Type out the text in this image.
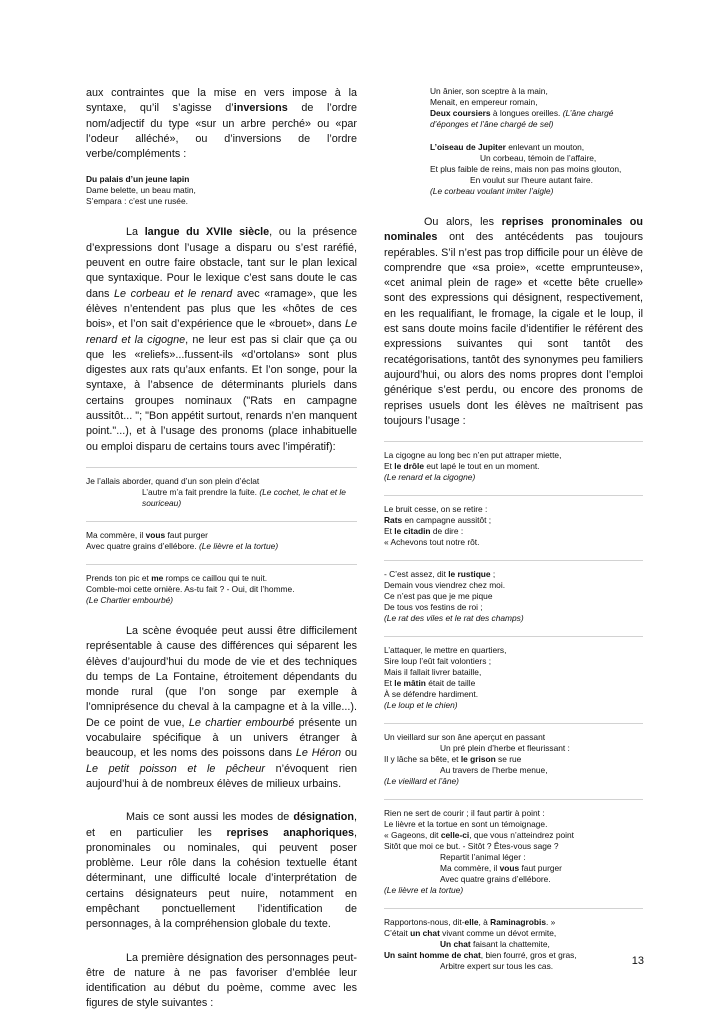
aux contraintes que la mise en vers impose à la syntaxe, qu’il s’agisse d’inversions de l’ordre nom/adjectif du type «sur un arbre perché» ou «par l’odeur alléché», ou d’inversions de l’ordre verbe/compléments :

Du palais d’un jeune lapin
Dame belette, un beau matin,
S’empara : c’est une rusée.

La langue du XVIIe siècle, ou la présence d’expressions dont l’usage a disparu ou s’est raréfié, peuvent en outre faire obstacle, tant sur le plan lexical que syntaxique. Pour le lexique c’est sans doute le cas dans Le corbeau et le renard avec «ramage», que les élèves n’entendent pas plus que les «hôtes de ces bois», et l’on sait d’expérience que le «brouet», dans Le renard et la cigogne, ne leur est pas si clair que ça ou que les «reliefs»...fussent-ils «d’ortolans» sont plus digestes aux rats qu’aux enfants. Et l’on songe, pour la syntaxe, à l’absence de déterminants pluriels dans certains groupes nominaux ("Rats en campagne aussitôt... "; "Bon appétit surtout, renards n’en manquent point."...), et à l’usage des pronoms (place inhabituelle ou emploi disparu de certains tours avec l’impératif):

Je l’allais aborder, quand d’un son plein d’éclat
L’autre m’a fait prendre la fuite. (Le cochet, le chat et le souriceau)
Ma commère, il vous faut purger
Avec quatre grains d’ellébore. (Le lièvre et la tortue)
Prends ton pic et me romps ce caillou qui te nuit.
Comble-moi cette ornière. As-tu fait ? - Oui, dit l’homme.
(Le Chartier embourbé)

La scène évoquée peut aussi être difficilement représentable à cause des différences qui séparent les élèves d’aujourd’hui du mode de vie et des techniques du temps de La Fontaine, étroitement dépendants du monde rural (que l’on songe par exemple à l’omniprésence du cheval à la campagne et à la ville...). De ce point de vue, Le chartier embourbé présente un vocabulaire spécifique à un univers étranger à beaucoup, et les noms des poissons dans Le Héron ou Le petit poisson et le pêcheur n’évoquent rien aujourd’hui à de nombreux élèves de milieux urbains.

Mais ce sont aussi les modes de désignation, et en particulier les reprises anaphoriques, pronominales ou nominales, qui peuvent poser problème. Leur rôle dans la cohésion textuelle étant déterminant, une difficulté locale d’interprétation de certains désignateurs peut nuire, notamment en empêchant ponctuellement l’identification de personnages, à la compréhension globale du texte.

La première désignation des personnages peut-être de nature à ne pas favoriser d’emblée leur identification au début du poème, comme avec les figures de style suivantes :

Un ânier, son sceptre à la main,
Menait, en empereur romain,
Deux coursiers à longues oreilles. (L’âne chargé d’éponges et l’âne chargé de sel)
L’oiseau de Jupiter enlevant un mouton,
Un corbeau, témoin de l’affaire,
Et plus faible de reins, mais non pas moins glouton,
En voulut sur l’heure autant faire.
(Le corbeau voulant imiter l’aigle)

Ou alors, les reprises pronominales ou nominales ont des antécédents pas toujours repérables. S’il n’est pas trop difficile pour un élève de comprendre que «sa proie», «cette emprunteuse», «cet animal plein de rage» et «cette bête cruelle» sont des expressions qui désignent, respectivement, en les requalifiant, le fromage, la cigale et le loup, il est sans doute moins facile d’identifier le référent des expressions suivantes qui sont tantôt des recatégorisations, tantôt des synonymes peu familiers aujourd’hui, ou alors des noms propres dont l’emploi générique s’est perdu, ou encore des pronoms de reprises usuels dont les élèves ne maîtrisent pas toujours l’usage :

La cigogne au long bec n’en put attraper miette,
Et le drôle eut lapé le tout en un moment.
(Le renard et la cigogne)
Le bruit cesse, on se retire :
Rats en campagne aussitôt ;
Et le citadin de dire :
« Achevons tout notre rôt.
- C’est assez, dit le rustique ;
Demain vous viendrez chez moi.
Ce n’est pas que je me pique
De tous vos festins de roi ;
(Le rat des viles et le rat des champs)
L’attaquer, le mettre en quartiers,
Sire loup l’eût fait volontiers ;
Mais il fallait livrer bataille,
Et le mâtin était de taille
À se défendre hardiment.
(Le loup et le chien)
Un vieillard sur son âne aperçut en passant
Un pré plein d’herbe et fleurissant :
Il y lâche sa bête, et le grison se rue
Au travers de l’herbe menue,
(Le vieillard et l’âne)
Rien ne sert de courir ; il faut partir à point :
Le lièvre et la tortue en sont un témoignage.
« Gageons, dit celle-ci, que vous n’atteindrez point
Sitôt que moi ce but. - Sitôt ? Êtes-vous sage ?
Repartit l’animal léger :
Ma commère, il vous faut purger
Avec quatre grains d’ellébore.
(Le lièvre et la tortue)
Rapportons-nous, dit-elle, à Raminagrobis. »
C’était un chat vivant comme un dévot ermite,
Un chat faisant la chattemite,
Un saint homme de chat, bien fourré, gros et gras,
Arbitre expert sur tous les cas.	13
